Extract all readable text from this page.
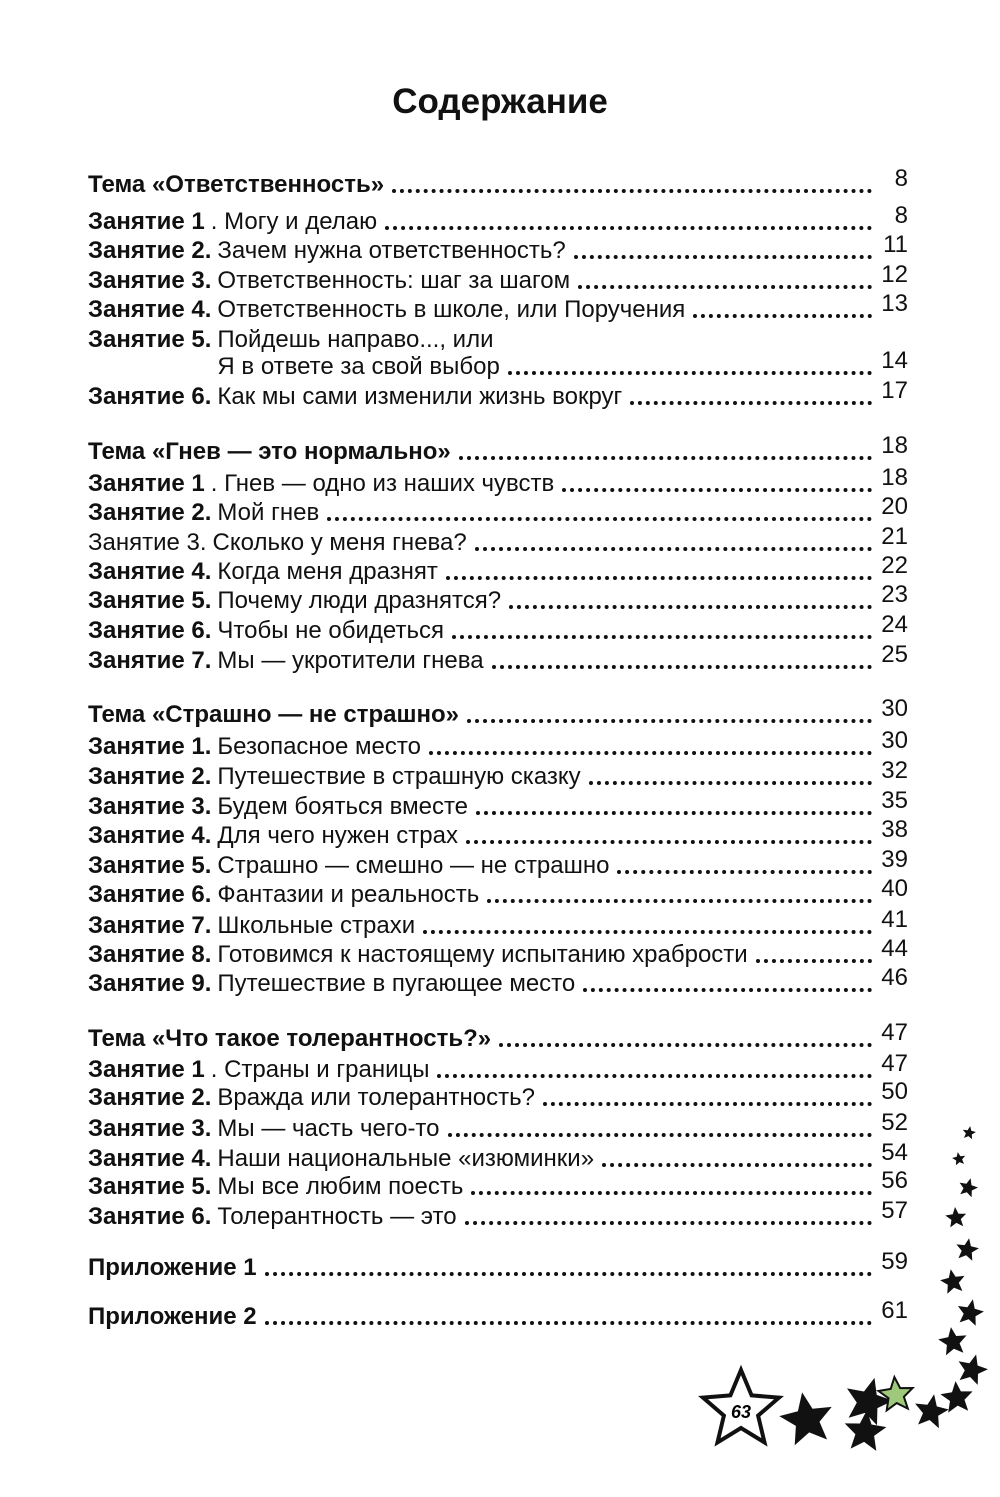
Содержание
Тема «Ответственность»	8
Занятие 1 . Могу и делаю	8
Занятие 2. Зачем нужна ответственность?	11
Занятие 3. Ответственность: шаг за шагом	12
Занятие 4. Ответственность в школе, или Поручения	13
Занятие 5. Пойдешь направо..., или
Я в ответе за свой выбор	14
Занятие 6. Как мы сами изменили жизнь вокруг	17
Тема «Гнев — это нормально»	18
Занятие 1 . Гнев — одно из наших чувств	18
Занятие 2. Мой гнев	20
Занятие 3. Сколько у меня гнева?	21
Занятие 4. Когда меня дразнят	22
Занятие 5. Почему люди дразнятся?	23
Занятие 6. Чтобы не обидеться	24
Занятие 7. Мы — укротители гнева	25
Тема «Страшно — не страшно»	30
Занятие 1. Безопасное место	30
Занятие 2. Путешествие в страшную сказку	32
Занятие 3. Будем бояться вместе	35
Занятие 4. Для чего нужен страх	38
Занятие 5. Страшно — смешно — не страшно	39
Занятие 6. Фантазии и реальность	40
Занятие 7. Школьные страхи	41
Занятие 8. Готовимся к настоящему испытанию храбрости	44
Занятие 9. Путешествие в пугающее место	46
Тема «Что такое толерантность?»	47
Занятие 1 . Страны и границы	47
Занятие 2. Вражда или толерантность?	50
Занятие 3. Мы — часть чего-то	52
Занятие 4. Наши национальные «изюминки»	54
Занятие 5. Мы все любим поесть	56
Занятие 6. Толерантность — это	57
Приложение 1	59
Приложение 2	61
63
